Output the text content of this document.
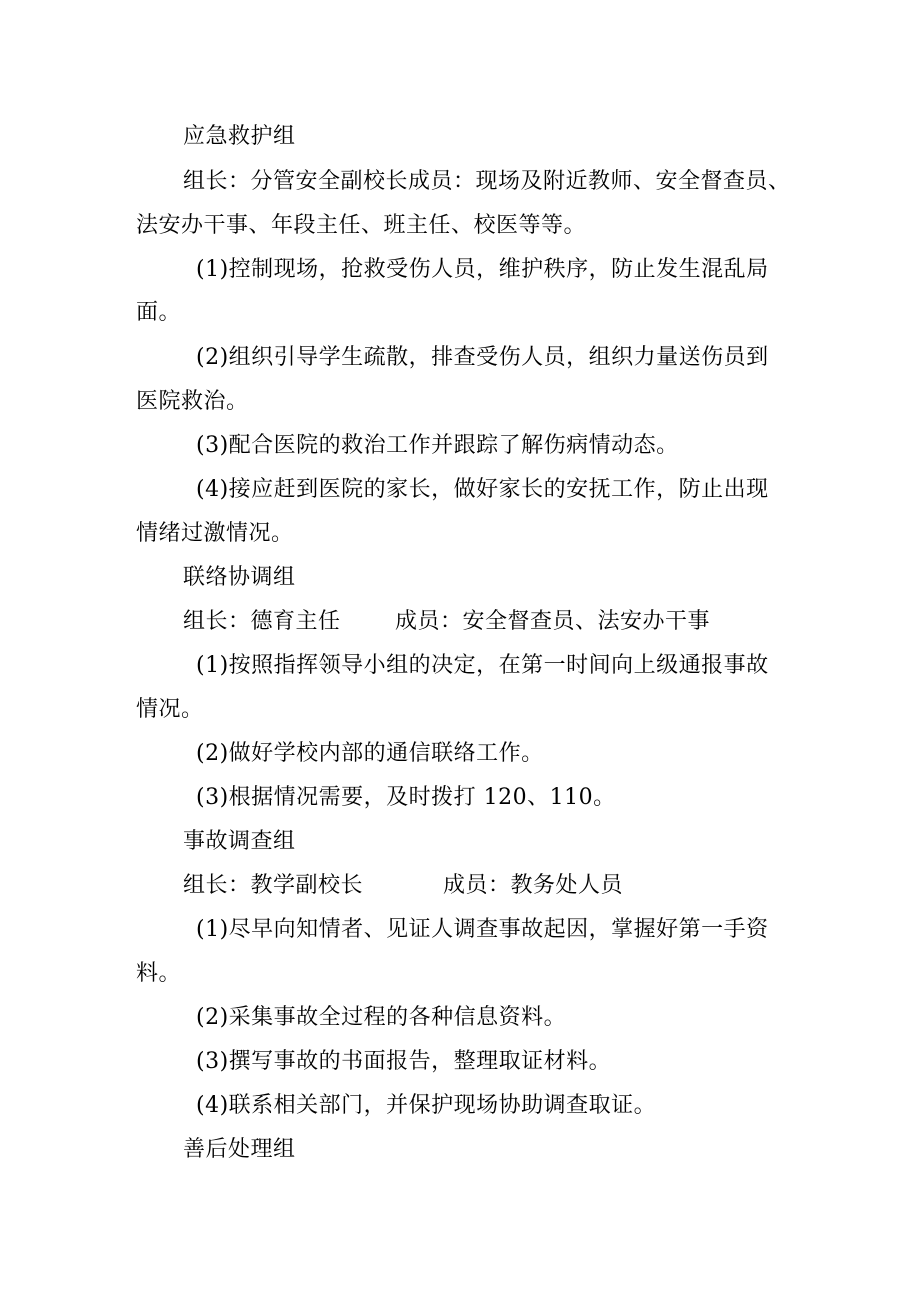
应急救护组
组长：分管安全副校长成员：现场及附近教师、安全督查员、
法安办干事、年段主任、班主任、校医等等。
(1)控制现场，抢救受伤人员，维护秩序，防止发生混乱局
面。
(2)组织引导学生疏散，排查受伤人员，组织力量送伤员到
医院救治。
(3)配合医院的救治工作并跟踪了解伤病情动态。
(4)接应赶到医院的家长，做好家长的安抚工作，防止出现
情绪过激情况。
联络协调组
组长：德育主任 成员：安全督查员、法安办干事
(1)按照指挥领导小组的决定，在第一时间向上级通报事故
情况。
(2)做好学校内部的通信联络工作。
(3)根据情况需要，及时拨打 120、110。
事故调查组
组长：教学副校长	成员：教务处人员
(1)尽早向知情者、见证人调查事故起因，掌握好第一手资
料。
(2)采集事故全过程的各种信息资料。
(3)撰写事故的书面报告，整理取证材料。
(4)联系相关部门，并保护现场协助调查取证。
善后处理组
